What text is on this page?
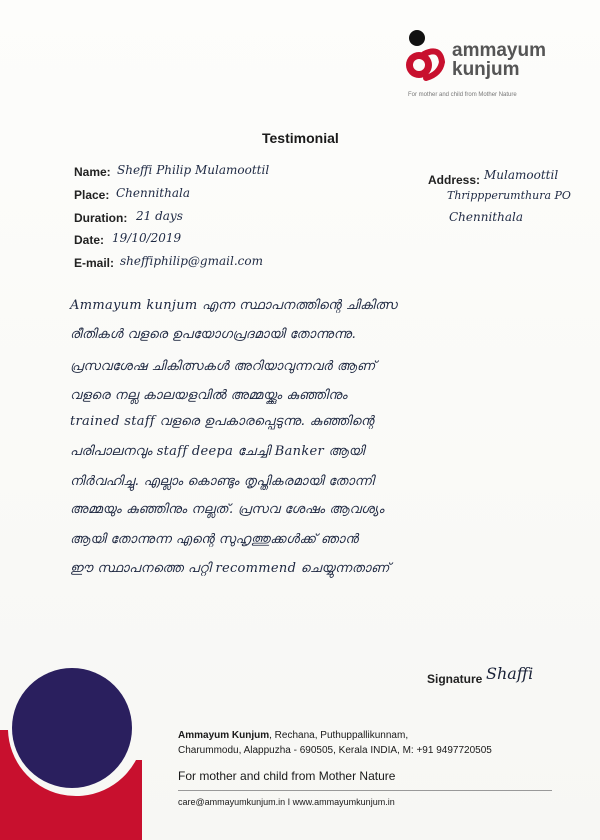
ammayum
kunjum
For mother and child from Mother Nature
Testimonial
Name: Sheffi Philip Mulamoottil
Place: Chennithala
Duration: 21 days
Date: 19/10/2019
E-mail: sheffiphilip@gmail.com
Address: Mulamoottil
Thrippperumthura PO
Chennithala
Ammayum kunjum എന്ന സ്ഥാപനത്തിന്റെ ചികിത്സ
രീതികൾ വളരെ ഉപയോഗപ്രദമായി തോന്നുന്നു.
പ്രസവശേഷ ചികിത്സകൾ അറിയാവുന്നവർ ആണ്
വളരെ നല്ല കാലയളവിൽ അമ്മയ്ക്കും കുഞ്ഞിനും
trained staff വളരെ ഉപകാരപ്പെടുന്നു. കുഞ്ഞിന്റെ
പരിപാലനവും staff deepa ചേച്ചി Banker ആയി
നിർവഹിച്ചു. എല്ലാം കൊണ്ടും തൃപ്തികരമായി തോന്നി
അമ്മയും കുഞ്ഞിനും നല്ലത്. പ്രസവ ശേഷം ആവശ്യം
ആയി തോന്നുന്ന എന്റെ സുഹൃത്തുക്കൾക്ക് ഞാൻ
ഈ സ്ഥാപനത്തെ പറ്റി recommend ചെയ്യുന്നതാണ്
Signature Shaffi
Ammayum Kunjum, Rechana, Puthuppallikunnam,
Charummodu, Alappuzha - 690505, Kerala INDIA, M: +91 9497720505
For mother and child from Mother Nature
care@ammayumkunjum.in I www.ammayumkunjum.in
